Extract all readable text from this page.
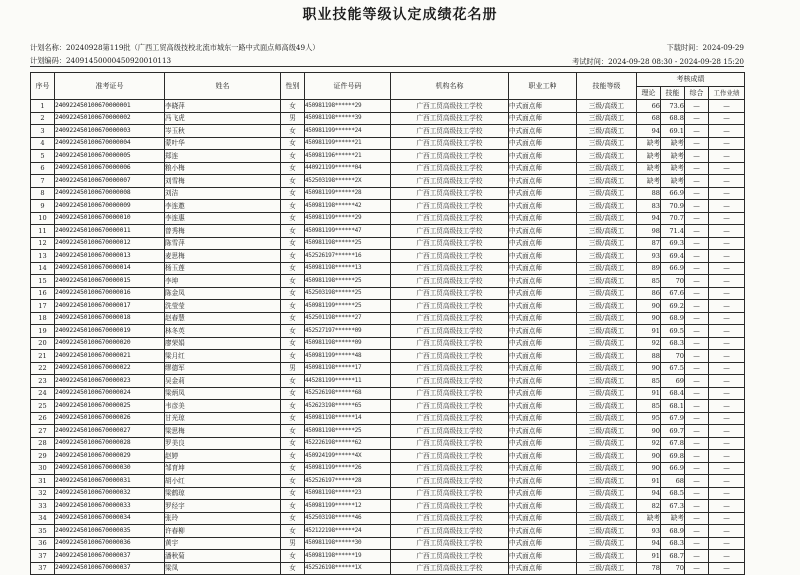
职业技能等级认定成绩花名册
计划名称：20240928第119批（广西工贸高级技校北流市城东一路中式面点师高级49人）	下载时间：2024-09-29
计划编码：24091450000450920010113	考试时间：2024-09-28 08:30 - 2024-09-28 15:20
序号	准考证号	姓名	性别	证件号码	机构名称	职业工种	技能等级	考核成绩			
								理论	技能	综合	工作业绩
1	240922450100670000001	李晓萍	女	450981198******29	广西工贸高级技工学校	中式面点师	三级/高级工	66	73.6	—	—
2	240922450100670000002	冯飞虎	男	450981198******39	广西工贸高级技工学校	中式面点师	三级/高级工	68	68.8	—	—
3	240922450100670000003	岑玉秋	女	450981199******24	广西工贸高级技工学校	中式面点师	三级/高级工	94	69.1	—	—
4	240922450100670000004	蒙叶华	女	450981199******21	广西工贸高级技工学校	中式面点师	三级/高级工	缺考	缺考	—	—
5	240922450100670000005	郑连	女	450981196******21	广西工贸高级技工学校	中式面点师	三级/高级工	缺考	缺考	—	—
6	240922450100670000006	粮小梅	女	440921199******04	广西工贸高级技工学校	中式面点师	三级/高级工	缺考	缺考	—	—
7	240922450100670000007	刘雪梅	女	452503198******2X	广西工贸高级技工学校	中式面点师	三级/高级工	缺考	缺考	—	—
8	240922450100670000008	刘洁	女	450981199******28	广西工贸高级技工学校	中式面点师	三级/高级工	88	66.9	—	—
9	240922450100670000009	李连邀	女	450981198******42	广西工贸高级技工学校	中式面点师	三级/高级工	83	70.9	—	—
10	240922450100670000010	李连惠	女	450981199******29	广西工贸高级技工学校	中式面点师	三级/高级工	94	70.7	—	—
11	240922450100670000011	曾秀梅	女	450981199******47	广西工贸高级技工学校	中式面点师	三级/高级工	98	71.4	—	—
12	240922450100670000012	陈雪萍	女	450981198******25	广西工贸高级技工学校	中式面点师	三级/高级工	87	69.3	—	—
13	240922450100670000013	麦思梅	女	452526197******16	广西工贸高级技工学校	中式面点师	三级/高级工	93	69.4	—	—
14	240922450100670000014	杨玉莲	女	450981198******13	广西工贸高级技工学校	中式面点师	三级/高级工	89	66.9	—	—
15	240922450100670000015	李坤	女	450981198******25	广西工贸高级技工学校	中式面点师	三级/高级工	85	70	—	—
16	240922450100670000016	陈金凤	女	452503198******25	广西工贸高级技工学校	中式面点师	三级/高级工	86	67.6	—	—
17	240922450100670000017	洗莹莹	女	450981199******25	广西工贸高级技工学校	中式面点师	三级/高级工	90	69.2	—	—
18	240922450100670000018	赵春慧	女	452501198******27	广西工贸高级技工学校	中式面点师	三级/高级工	90	68.9	—	—
19	240922450100670000019	林冬英	女	452527197******09	广西工贸高级技工学校	中式面点师	三级/高级工	91	69.5	—	—
20	240922450100670000020	廖荣娟	女	450981198******09	广西工贸高级技工学校	中式面点师	三级/高级工	92	68.3	—	—
21	240922450100670000021	梁月红	女	450981199******48	广西工贸高级技工学校	中式面点师	三级/高级工	88	70	—	—
22	240922450100670000022	缪德军	男	450981198******17	广西工贸高级技工学校	中式面点师	三级/高级工	90	67.5	—	—
23	240922450100670000023	吴金莉	女	445281199******11	广西工贸高级技工学校	中式面点师	三级/高级工	85	69	—	—
24	240922450100670000024	梁炳凤	女	452526198******68	广西工贸高级技工学校	中式面点师	三级/高级工	91	68.4	—	—
25	240922450100670000025	韦彦美	女	452623198******65	广西工贸高级技工学校	中式面点师	三级/高级工	85	68.1	—	—
26	240922450100670000026	甘光琼	女	450981198******14	广西工贸高级技工学校	中式面点师	三级/高级工	95	67.9	—	—
27	240922450100670000027	梁思梅	女	450981198******25	广西工贸高级技工学校	中式面点师	三级/高级工	90	69.7	—	—
28	240922450100670000028	罗美良	女	452226198******62	广西工贸高级技工学校	中式面点师	三级/高级工	92	67.8	—	—
29	240922450100670000029	赵婷	女	450924199******4X	广西工贸高级技工学校	中式面点师	三级/高级工	90	69.8	—	—
30	240922450100670000030	邹育坤	女	450981199******26	广西工贸高级技工学校	中式面点师	三级/高级工	90	66.9	—	—
31	240922450100670000031	胡小红	女	452526197******28	广西工贸高级技工学校	中式面点师	三级/高级工	91	68	—	—
32	240922450100670000032	梁鹤琼	女	450981198******23	广西工贸高级技工学校	中式面点师	三级/高级工	94	68.5	—	—
33	240922450100670000033	罗经宇	女	450981199******12	广西工贸高级技工学校	中式面点师	三级/高级工	82	67.3	—	—
34	240922450100670000034	张玲	女	452503198******46	广西工贸高级技工学校	中式面点师	三级/高级工	缺考	缺考	—	—
35	240922450100670000035	许春柳	女	452122198******24	广西工贸高级技工学校	中式面点师	三级/高级工	93	68.9	—	—
36	240922450100670000036	黄宇	男	450981198******30	广西工贸高级技工学校	中式面点师	三级/高级工	94	68.3	—	—
37	240922450100670000037	潘秋菊	女	450981198******19	广西工贸高级技工学校	中式面点师	三级/高级工	91	68.7	—	—
37	240922450100670000037	梁凤	女	452526198******1X	广西工贸高级技工学校	中式面点师	三级/高级工	78	70	—	—
